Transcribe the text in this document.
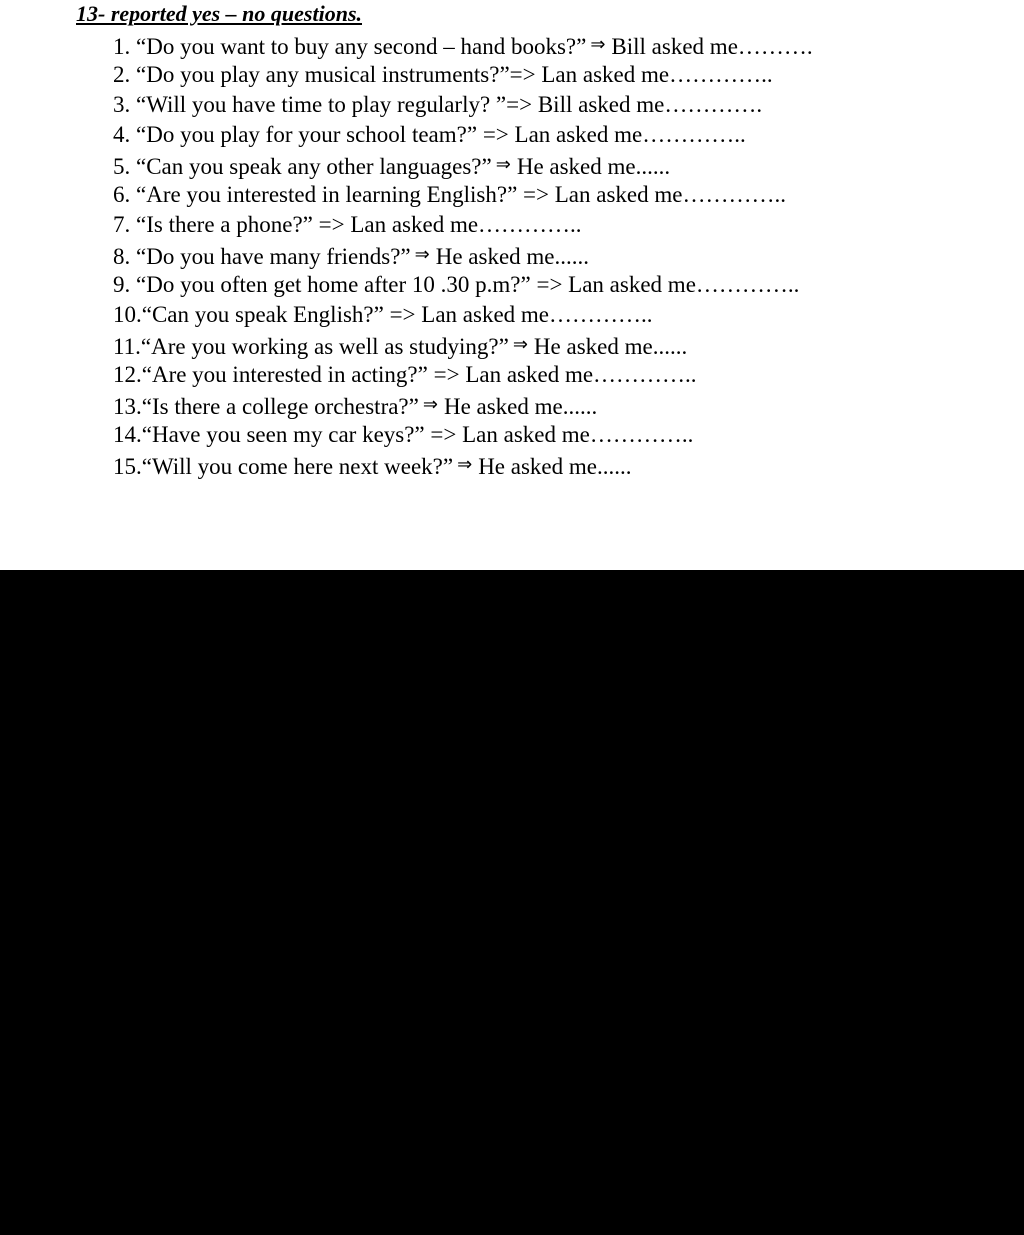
13- reported yes – no questions.
1. “Do you want to buy any second – hand books?” ⇒ Bill asked me……….
2. “Do you play any musical instruments?”=> Lan asked me…………..
3. “Will you have time to play regularly? ”=> Bill asked me………….
4. “Do you play for your school team?” => Lan asked me…………..
5. “Can you speak any other languages?” ⇒ He asked me......
6. “Are you interested in learning English?” => Lan asked me…………..
7. “Is there a phone?” => Lan asked me…………..
8. “Do you have many friends?” ⇒ He asked me......
9. “Do you often get home after 10 .30 p.m?” => Lan asked me…………..
10.“Can you speak English?” => Lan asked me…………..
11.“Are you working as well as studying?” ⇒ He asked me......
12.“Are you interested in acting?” => Lan asked me…………..
13.“Is there a college orchestra?” ⇒ He asked me......
14.“Have you seen my car keys?” => Lan asked me…………..
15.“Will you come here next week?” ⇒ He asked me......
